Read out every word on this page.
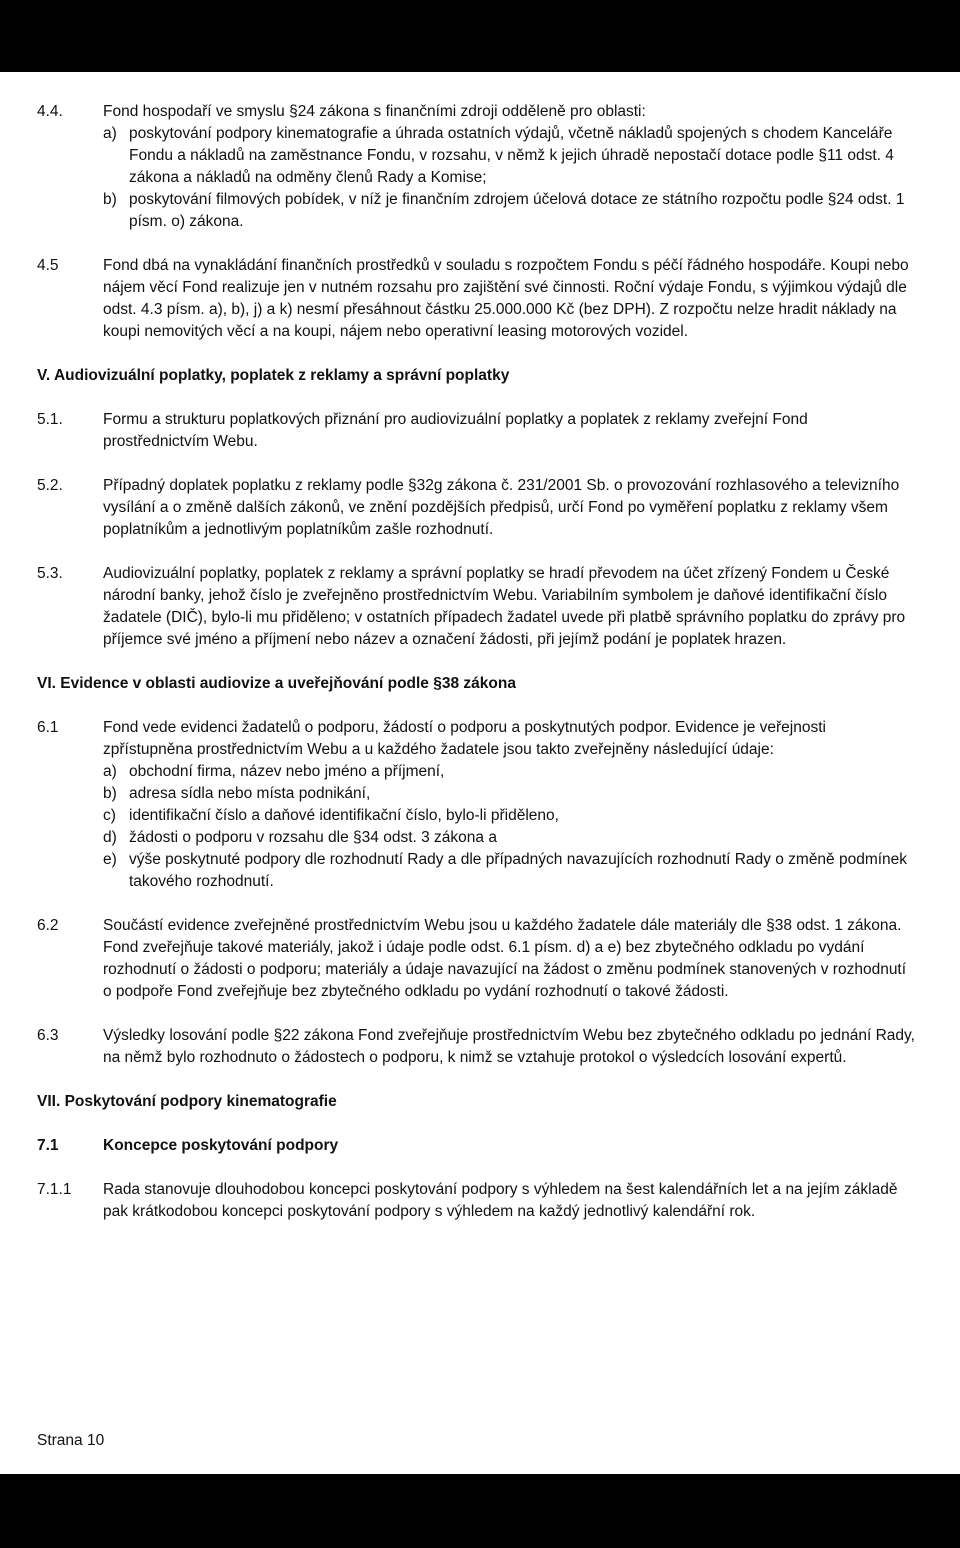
4.4.	Fond hospodaří ve smyslu §24 zákona s finančními zdroji odděleně pro oblasti:
a) poskytování podpory kinematografie a úhrada ostatních výdajů, včetně nákladů spojených s chodem Kanceláře Fondu a nákladů na zaměstnance Fondu, v rozsahu, v němž k jejich úhradě nepostačí dotace podle §11 odst. 4 zákona a nákladů na odměny členů Rady a Komise;
b) poskytování filmových pobídek, v níž je finančním zdrojem účelová dotace ze státního rozpočtu podle §24 odst. 1 písm. o) zákona.
4.5	Fond dbá na vynakládání finančních prostředků v souladu s rozpočtem Fondu s péčí řádného hospodáře. Koupi nebo nájem věcí Fond realizuje jen v nutném rozsahu pro zajištění své činnosti. Roční výdaje Fondu, s výjimkou výdajů dle odst. 4.3 písm. a), b), j) a k) nesmí přesáhnout částku 25.000.000 Kč (bez DPH). Z rozpočtu nelze hradit náklady na koupi nemovitých věcí a na koupi, nájem nebo operativní leasing motorových vozidel.
V. Audiovizuální poplatky, poplatek z reklamy a správní poplatky
5.1.	Formu a strukturu poplatkových přiznání pro audiovizuální poplatky a poplatek z reklamy zveřejní Fond prostřednictvím Webu.
5.2.	Případný doplatek poplatku z reklamy podle §32g zákona č. 231/2001 Sb. o provozování rozhlasového a televizního vysílání a o změně dalších zákonů, ve znění pozdějších předpisů, určí Fond po vyměření poplatku z reklamy všem poplatníkům a jednotlivým poplatníkům zašle rozhodnutí.
5.3.	Audiovizuální poplatky, poplatek z reklamy a správní poplatky se hradí převodem na účet zřízený Fondem u České národní banky, jehož číslo je zveřejněno prostřednictvím Webu. Variabilním symbolem je daňové identifikační číslo žadatele (DIČ), bylo-li mu přiděleno; v ostatních případech žadatel uvede při platbě správního poplatku do zprávy pro příjemce své jméno a příjmení nebo název a označení žádosti, při jejímž podání je poplatek hrazen.
VI. Evidence v oblasti audiovize a uveřejňování podle §38 zákona
6.1	Fond vede evidenci žadatelů o podporu, žádostí o podporu a poskytnutých podpor. Evidence je veřejnosti zpřístupněna prostřednictvím Webu a u každého žadatele jsou takto zveřejněny následující údaje:
a) obchodní firma, název nebo jméno a příjmení,
b) adresa sídla nebo místa podnikání,
c) identifikační číslo a daňové identifikační číslo, bylo-li přiděleno,
d) žádosti o podporu v rozsahu dle §34 odst. 3 zákona a
e) výše poskytnuté podpory dle rozhodnutí Rady a dle případných navazujících rozhodnutí Rady o změně podmínek takového rozhodnutí.
6.2	Součástí evidence zveřejněné prostřednictvím Webu jsou u každého žadatele dále materiály dle §38 odst. 1 zákona. Fond zveřejňuje takové materiály, jakož i údaje podle odst. 6.1 písm. d) a e) bez zbytečného odkladu po vydání rozhodnutí o žádosti o podporu; materiály a údaje navazující na žádost o změnu podmínek stanovených v rozhodnutí o podpoře Fond zveřejňuje bez zbytečného odkladu po vydání rozhodnutí o takové žádosti.
6.3	Výsledky losování podle §22 zákona Fond zveřejňuje prostřednictvím Webu bez zbytečného odkladu po jednání Rady, na němž bylo rozhodnuto o žádostech o podporu, k nimž se vztahuje protokol o výsledcích losování expertů.
VII. Poskytování podpory kinematografie
7.1	Koncepce poskytování podpory
7.1.1 Rada stanovuje dlouhodobou koncepci poskytování podpory s výhledem na šest kalendářních let a na jejím základě pak krátkodobou koncepci poskytování podpory s výhledem na každý jednotlivý kalendářní rok.
Strana 10
